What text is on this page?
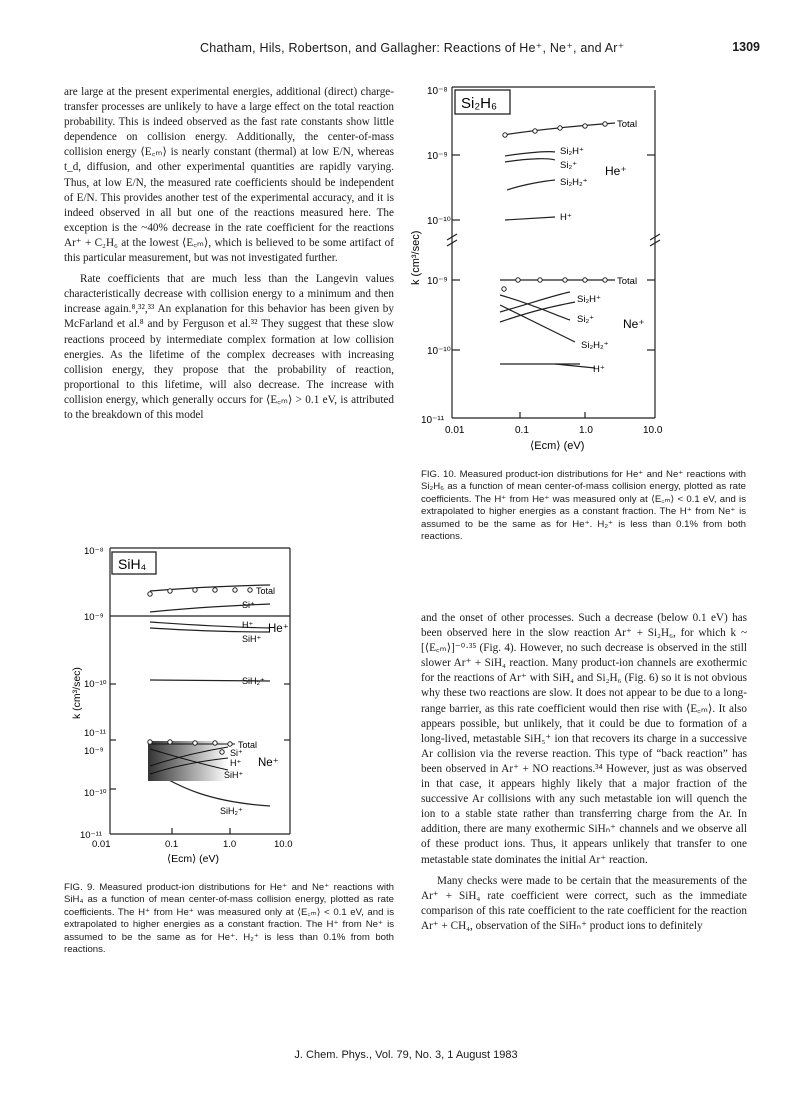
Chatham, Hils, Robertson, and Gallagher: Reactions of He⁺, Ne⁺, and Ar⁺	1309

are large at the present experimental energies, additional (direct) charge-transfer processes are unlikely to have a large effect on the total reaction probability. This is indeed observed as the fast rate constants show little dependence on collision energy. Additionally, the center-of-mass collision energy ⟨E꜀ₘ⟩ is nearly constant (thermal) at low E/N, whereas t_d, diffusion, and other experimental quantities are rapidly varying. Thus, at low E/N, the measured rate coefficients should be independent of E/N. This provides another test of the experimental accuracy, and it is indeed observed in all but one of the reactions measured here. The exception is the ~40% decrease in the rate coefficient for the reactions Ar⁺ + C₂H₆ at the lowest ⟨E꜀ₘ⟩, which is believed to be some artifact of this particular measurement, but was not investigated further.

Rate coefficients that are much less than the Langevin values characteristically decrease with collision energy to a minimum and then increase again.⁸,³²,³³ An explanation for this behavior has been given by McFarland et al.⁸ and by Ferguson et al.³² They suggest that these slow reactions proceed by intermediate complex formation at low collision energies. As the lifetime of the complex decreases with increasing collision energy, they propose that the probability of reaction, proportional to this lifetime, will also decrease. The increase with collision energy, which generally occurs for ⟨E꜀ₘ⟩ > 0.1 eV, is attributed to the breakdown of this model

Si₂H₆
10⁻⁸
10⁻⁹
10⁻¹⁰
10⁻⁹
10⁻¹⁰
10⁻¹¹
k (cm³/sec)
0.01	0.1	1.0	10.0
⟨Ecm⟩ (eV)
Total
Si₂H⁺
Si₂⁺
Si₂H₂⁺
H⁺
He⁺
Total
Si₂H⁺
Si₂⁺
Si₂H₂⁺
H⁺
Ne⁺
FIG. 10. Measured product-ion distributions for He⁺ and Ne⁺ reactions with Si₂H₆ as a function of mean center-of-mass collision energy, plotted as rate coefficients. The H⁺ from He⁺ was measured only at ⟨E꜀ₘ⟩ < 0.1 eV, and is extrapolated to higher energies as a constant fraction. The H⁺ from Ne⁺ is assumed to be the same as for He⁺. H₂⁺ is less than 0.1% from both reactions.
SiH₄
10⁻⁸
10⁻⁹
10⁻¹⁰
10⁻¹¹
10⁻⁹
10⁻¹⁰
10⁻¹¹
k (cm³/sec)
0.01	0.1	1.0	10.0
⟨Ecm⟩ (eV)
Total
Si⁺
H⁺
SiH⁺
SiH₂⁺
He⁺
Total
Si⁺
H⁺
SiH⁺
SiH₂⁺
Ne⁺
FIG. 9. Measured product-ion distributions for He⁺ and Ne⁺ reactions with SiH₄ as a function of mean center-of-mass collision energy, plotted as rate coefficients. The H⁺ from He⁺ was measured only at ⟨E꜀ₘ⟩ < 0.1 eV, and is extrapolated to higher energies as a constant fraction. The H⁺ from Ne⁺ is assumed to be the same as for He⁺. H₂⁺ is less than 0.1% from both reactions.

and the onset of other processes. Such a decrease (below 0.1 eV) has been observed here in the slow reaction Ar⁺ + Si₂H₆, for which k ~ [⟨E꜀ₘ⟩]⁻⁰·³⁵ (Fig. 4). However, no such decrease is observed in the still slower Ar⁺ + SiH₄ reaction. Many product-ion channels are exothermic for the reactions of Ar⁺ with SiH₄ and Si₂H₆ (Fig. 6) so it is not obvious why these two reactions are slow. It does not appear to be due to a long-range barrier, as this rate coefficient would then rise with ⟨E꜀ₘ⟩. It also appears possible, but unlikely, that it could be due to formation of a long-lived, metastable SiH₅⁺ ion that recovers its charge in a successive Ar collision via the reverse reaction. This type of “back reaction” has been observed in Ar⁺ + NO reactions.³⁴ However, just as was observed in that case, it appears highly likely that a major fraction of the successive Ar collisions with any such metastable ion will quench the ion to a stable state rather than transferring charge from the Ar. In addition, there are many exothermic SiHₙ⁺ channels and we observe all of these product ions. Thus, it appears unlikely that transfer to one metastable state dominates the initial Ar⁺ reaction.

Many checks were made to be certain that the measurements of the Ar⁺ + SiH₄ rate coefficient were correct, such as the immediate comparison of this rate coefficient to the rate coefficient for the reaction Ar⁺ + CH₄, observation of the SiHₙ⁺ product ions to definitely

J. Chem. Phys., Vol. 79, No. 3, 1 August 1983
